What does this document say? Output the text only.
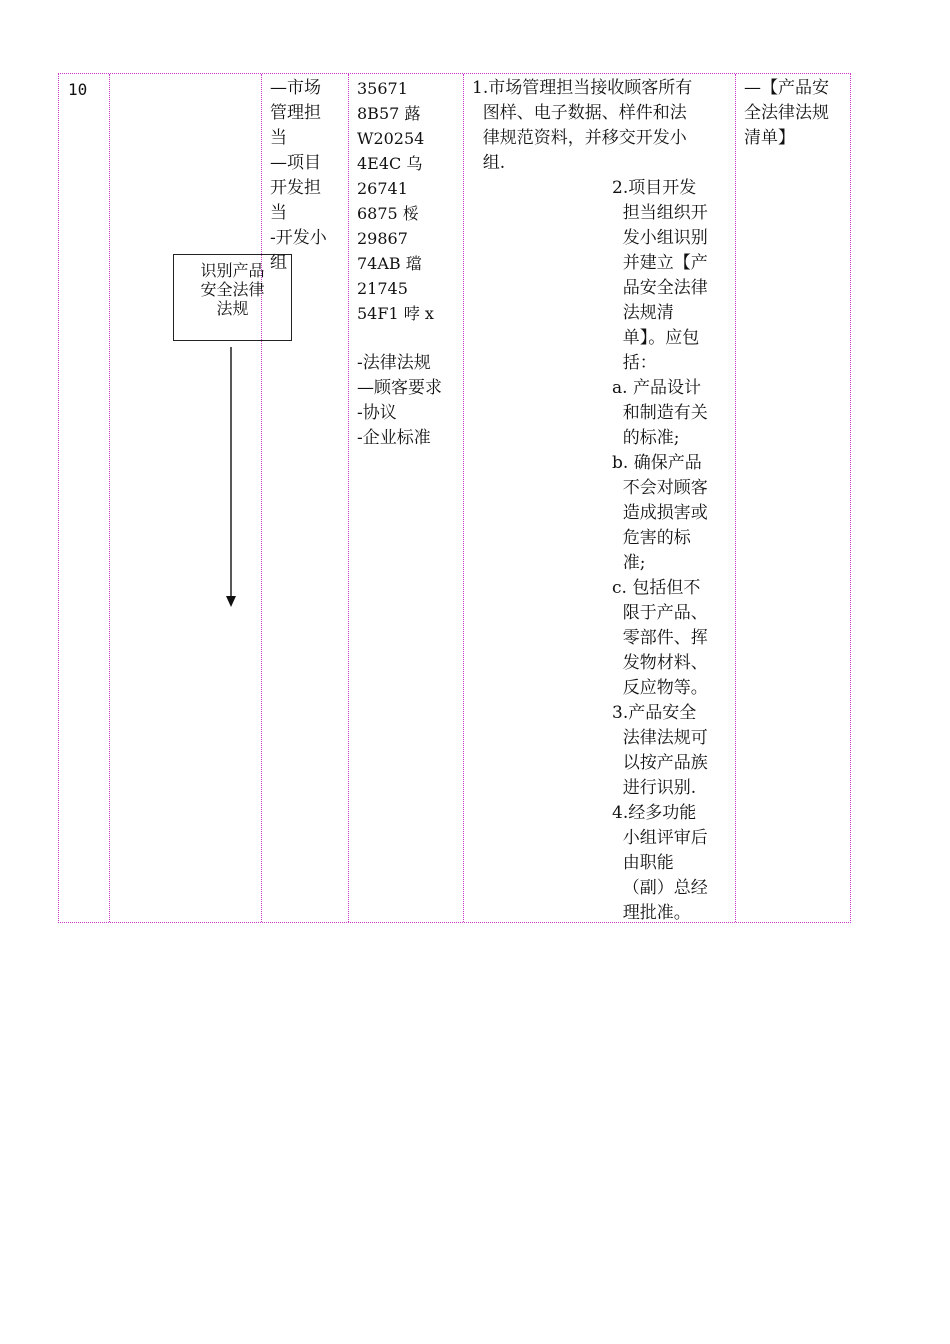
10
识别产品
安全法律
法规
—市场
管理担
当
—项目
开发担
当
-开发小
组
35671
8B57 蕗
W20254
4E4C 乌
26741
6875 桵
29867
74AB 璫
21745
54F1 哱 x
-法律法规
—顾客要求
-协议
-企业标准
1.市场管理担当接收顾客所有
图样、电子数据、样件和法
律规范资料，并移交开发小
组.
2.项目开发
担当组织开
发小组识别
并建立【产
品安全法律
法规清
单】。应包
括：
a. 产品设计
和制造有关
的标准;
b. 确保产品
不会对顾客
造成损害或
危害的标
准;
c. 包括但不
限于产品、
零部件、挥
发物材料、
反应物等。
3.产品安全
法律法规可
以按产品族
进行识别.
4.经多功能
小组评审后
由职能
（副）总经
理批准。
—【产品安
全法律法规
清单】
